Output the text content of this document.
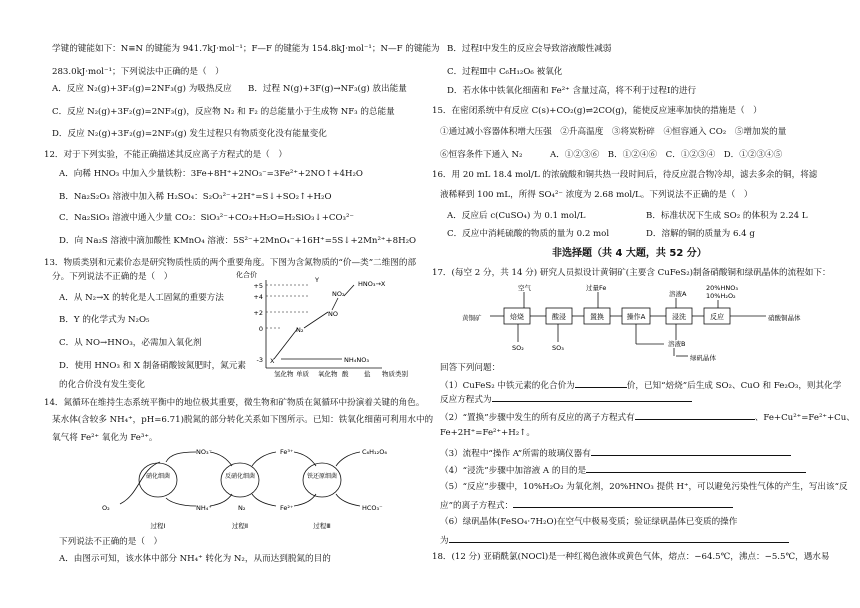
学键的键能如下：N≡N 的键能为 941.7kJ·mol⁻¹；F—F 的键能为 154.8kJ·mol⁻¹；N—F 的键能为
283.0kJ·mol⁻¹；下列说法中正确的是（　）
A．反应 N₂(g)+3F₂(g)=2NF₃(g) 为吸热反应 B．过程 N(g)+3F(g)→NF₃(g) 放出能量
C．反应 N₂(g)+3F₂(g)=2NF₃(g)，反应物 N₂ 和 F₂ 的总能量小于生成物 NF₃ 的总能量
D．反应 N₂(g)+3F₂(g)=2NF₃(g) 发生过程只有物质变化没有能量变化
12．对于下列实验，不能正确描述其反应离子方程式的是（　）
A．向稀 HNO₃ 中加入少量铁粉：3Fe+8H⁺+2NO₃⁻=3Fe²⁺+2NO↑+4H₂O
B．Na₂S₂O₃ 溶液中加入稀 H₂SO₄：S₂O₃²⁻+2H⁺=S↓+SO₂↑+H₂O
C．Na₂SiO₃ 溶液中通入少量 CO₂：SiO₃²⁻+CO₂+H₂O=H₂SiO₃↓+CO₃²⁻
D．向 Na₂S 溶液中滴加酸性 KMnO₄ 溶液：5S²⁻+2MnO₄⁻+16H⁺=5S↓+2Mn²⁺+8H₂O
13．物质类别和元素价态是研究物质性质的两个重要角度。下图为含氮物质的“价—类”二维图的部
分。下列说法不正确的是（　）
A．从 N₂→X 的转化是人工固氮的重要方法
B．Y 的化学式为 N₂O₅
C．从 NO→HNO₃，必需加入氧化剂
D．使用 HNO₃ 和 X 制备硝酸铵氮肥时，氮元素
的化合价没有发生变化
14．氮循环在维持生态系统平衡中的地位极其重要，微生物和矿物质在氮循环中扮演着关键的角色。
某水体(含较多 NH₄⁺，pH=6.71)脱氮的部分转化关系如下图所示。已知：铁氧化细菌可利用水中的
氧气将 Fe²⁺ 氧化为 Fe³⁺。
下列说法不正确的是（　）
A．由图示可知，该水体中部分 NH₄⁺ 转化为 N₂，从而达到脱氮的目的
化合价
+5
+4
+2
0
-3
Y
NO₂
NO
HNO₃→X
N₂
X	NH₄NO₃
氢化物 单质 氧化物 酸 盐 物质类别
NO₃⁻	Fe³⁺	C₆H₁₂O₆
O₂	NH₄⁺	N₂	Fe²⁺	HCO₃⁻
硝化细菌	反硝化细菌	铁还原细菌
过程Ⅰ	过程Ⅱ	过程Ⅲ
B．过程Ⅰ中发生的反应会导致溶液酸性减弱
C．过程Ⅲ中 C₆H₁₂O₆ 被氧化
D．若水体中铁氧化细菌和 Fe²⁺ 含量过高，将不利于过程Ⅰ的进行
15．在密闭系统中有反应 C(s)+CO₂(g)⇌2CO(g)，能使反应速率加快的措施是（　）
①通过减小容器体积增大压强　②升高温度　③将炭粉碎　④恒容通入 CO₂　⑤增加炭的量
⑥恒容条件下通入 N₂	A．①②③⑥　B．①②④⑥　C．①②③④　D．①②③④⑤
16．用 20 mL 18.4 mol/L 的浓硫酸和铜共热一段时间后，待反应混合物冷却，滤去多余的铜，将滤
液稀释到 100 mL，所得 SO₄²⁻ 浓度为 2.68 mol/L。下列说法不正确的是（　）
A．反应后 c(CuSO₄) 为 0.1 mol/L	B．标准状况下生成 SO₂ 的体积为 2.24 L
C．反应中消耗硫酸的物质的量为 0.2 mol	D．溶解的铜的质量为 6.4 g
非选择题（共 4 大题，共 52 分）
17．(每空 2 分，共 14 分) 研究人员拟设计黄铜矿(主要含 CuFeS₂)制备硝酸铜和绿矾晶体的流程如下：
回答下列问题：
（1）CuFeS₂ 中铁元素的化合价为	价，已知“焙烧”后生成 SO₂、CuO 和 Fe₂O₃，则其化学
反应方程式为
（2）“置换”步骤中发生的所有反应的离子方程式有	、Fe+Cu²⁺=Fe²⁺+Cu、
Fe+2H⁺=Fe²⁺+H₂↑。
（3）流程中“操作 A”所需的玻璃仪器有
（4）“浸洗”步骤中加溶液 A 的目的是
（5）“反应”步骤中，10%H₂O₂ 为氧化剂，20%HNO₃ 提供 H⁺，可以避免污染性气体的产生，写出该“反
应”的离子方程式：
（6）绿矾晶体(FeSO₄·7H₂O)在空气中极易变质；验证绿矾晶体已变质的操作
为
18．(12 分) 亚硝酰氯(NOCl)是一种红褐色液体或黄色气体，熔点：−64.5℃，沸点：−5.5℃，遇水易
空气	过量Fe
溶液A
20%HNO₃
10%H₂O₂
黄铜矿	硝酸铜晶体
SO₂	SO₃	溶液B
绿矾晶体
焙烧	酸浸	置换	操作A	浸洗	反应
